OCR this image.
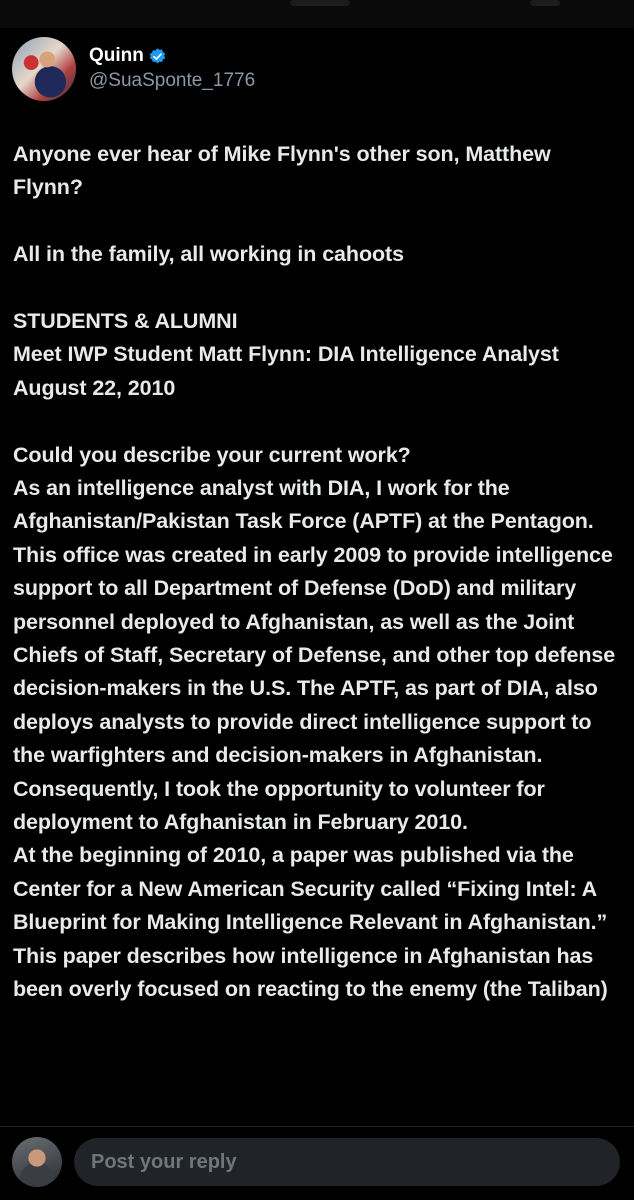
Quinn
@SuaSponte_1776

Anyone ever hear of Mike Flynn's other son, Matthew Flynn?

All in the family, all working in cahoots

STUDENTS & ALUMNI

Meet IWP Student Matt Flynn: DIA Intelligence Analyst

August 22, 2010

Could you describe your current work?

As an intelligence analyst with DIA, I work for the Afghanistan/Pakistan Task Force (APTF) at the Pentagon. This office was created in early 2009 to provide intelligence support to all Department of Defense (DoD) and military personnel deployed to Afghanistan, as well as the Joint Chiefs of Staff, Secretary of Defense, and other top defense decision-makers in the U.S. The APTF, as part of DIA, also deploys analysts to provide direct intelligence support to the warfighters and decision-makers in Afghanistan. Consequently, I took the opportunity to volunteer for deployment to Afghanistan in February 2010.

At the beginning of 2010, a paper was published via the Center for a New American Security called “Fixing Intel: A Blueprint for Making Intelligence Relevant in Afghanistan.” This paper describes how intelligence in Afghanistan has been overly focused on reacting to the enemy (the Taliban)

Post your reply
